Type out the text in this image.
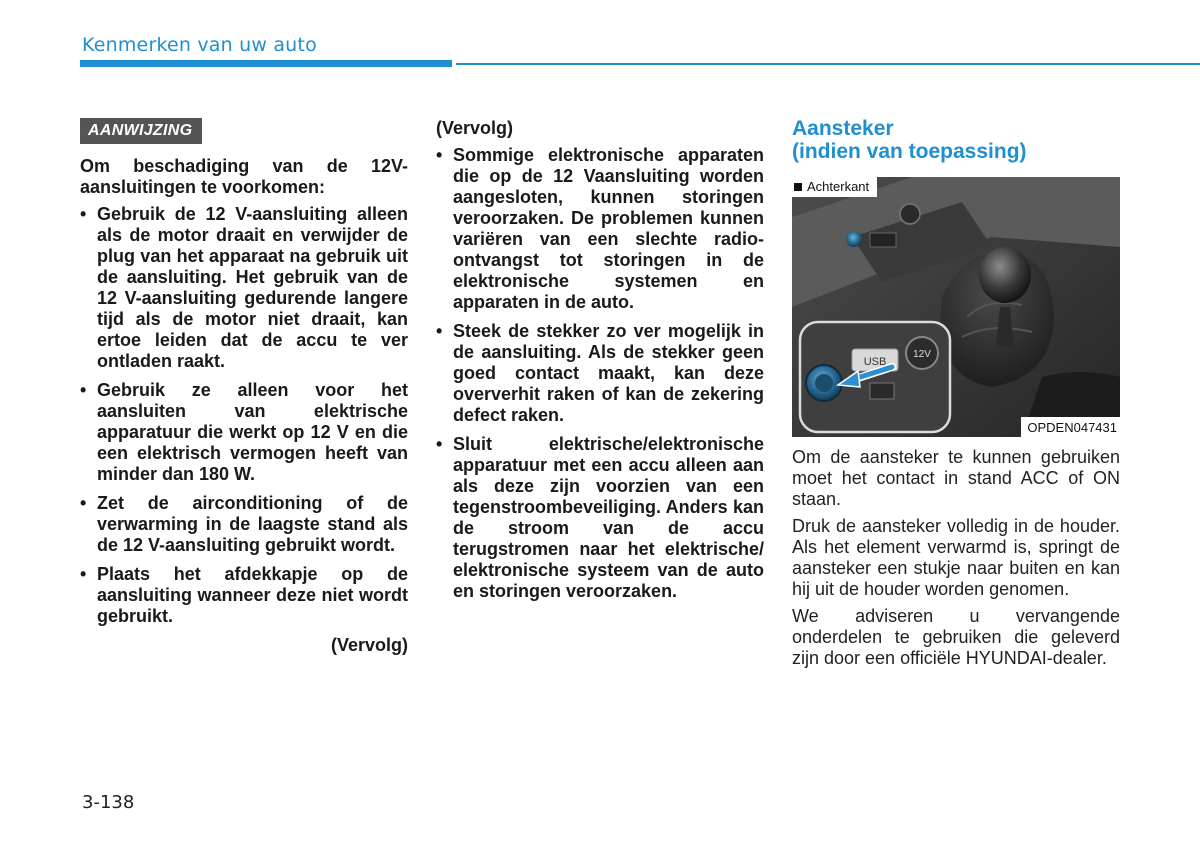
Kenmerken van uw auto
AANWIJZING
Om beschadiging van de 12V-aansluitingen te voorkomen:
• Gebruik de 12 V-aansluiting alleen als de motor draait en verwijder de plug van het apparaat na gebruik uit de aansluiting. Het gebruik van de 12 V-aansluiting gedurende langere tijd als de motor niet draait, kan ertoe leiden dat de accu te ver ontladen raakt.
• Gebruik ze alleen voor het aansluiten van elektrische apparatuur die werkt op 12 V en die een elektrisch vermogen heeft van minder dan 180 W.
• Zet de airconditioning of de verwarming in de laagste stand als de 12 V-aansluiting gebruikt wordt.
• Plaats het afdekkapje op de aansluiting wanneer deze niet wordt gebruikt.
(Vervolg)
(Vervolg)
• Sommige elektronische apparaten die op de 12 Vaansluiting worden aangesloten, kunnen storingen veroorzaken. De problemen kunnen variëren van een slechte radio-ontvangst tot storingen in de elektronische systemen en apparaten in de auto.
• Steek de stekker zo ver mogelijk in de aansluiting. Als de stekker geen goed contact maakt, kan deze oververhit raken of kan de zekering defect raken.
• Sluit elektrische/elektronische apparatuur met een accu alleen aan als deze zijn voorzien van een tegenstroombeveiliging. Anders kan de stroom van de accu terugstromen naar het elektrische/ elektronische systeem van de auto en storingen veroorzaken.
Aansteker
(indien van toepassing)
Achterkant
USB
12V
OPDEN047431

Om de aansteker te kunnen gebruiken moet het contact in stand ACC of ON staan.

Druk de aansteker volledig in de houder. Als het element verwarmd is, springt de aansteker een stukje naar buiten en kan hij uit de houder worden genomen.

We adviseren u vervangende onderdelen te gebruiken die geleverd zijn door een officiële HYUNDAI-dealer.

3-138
